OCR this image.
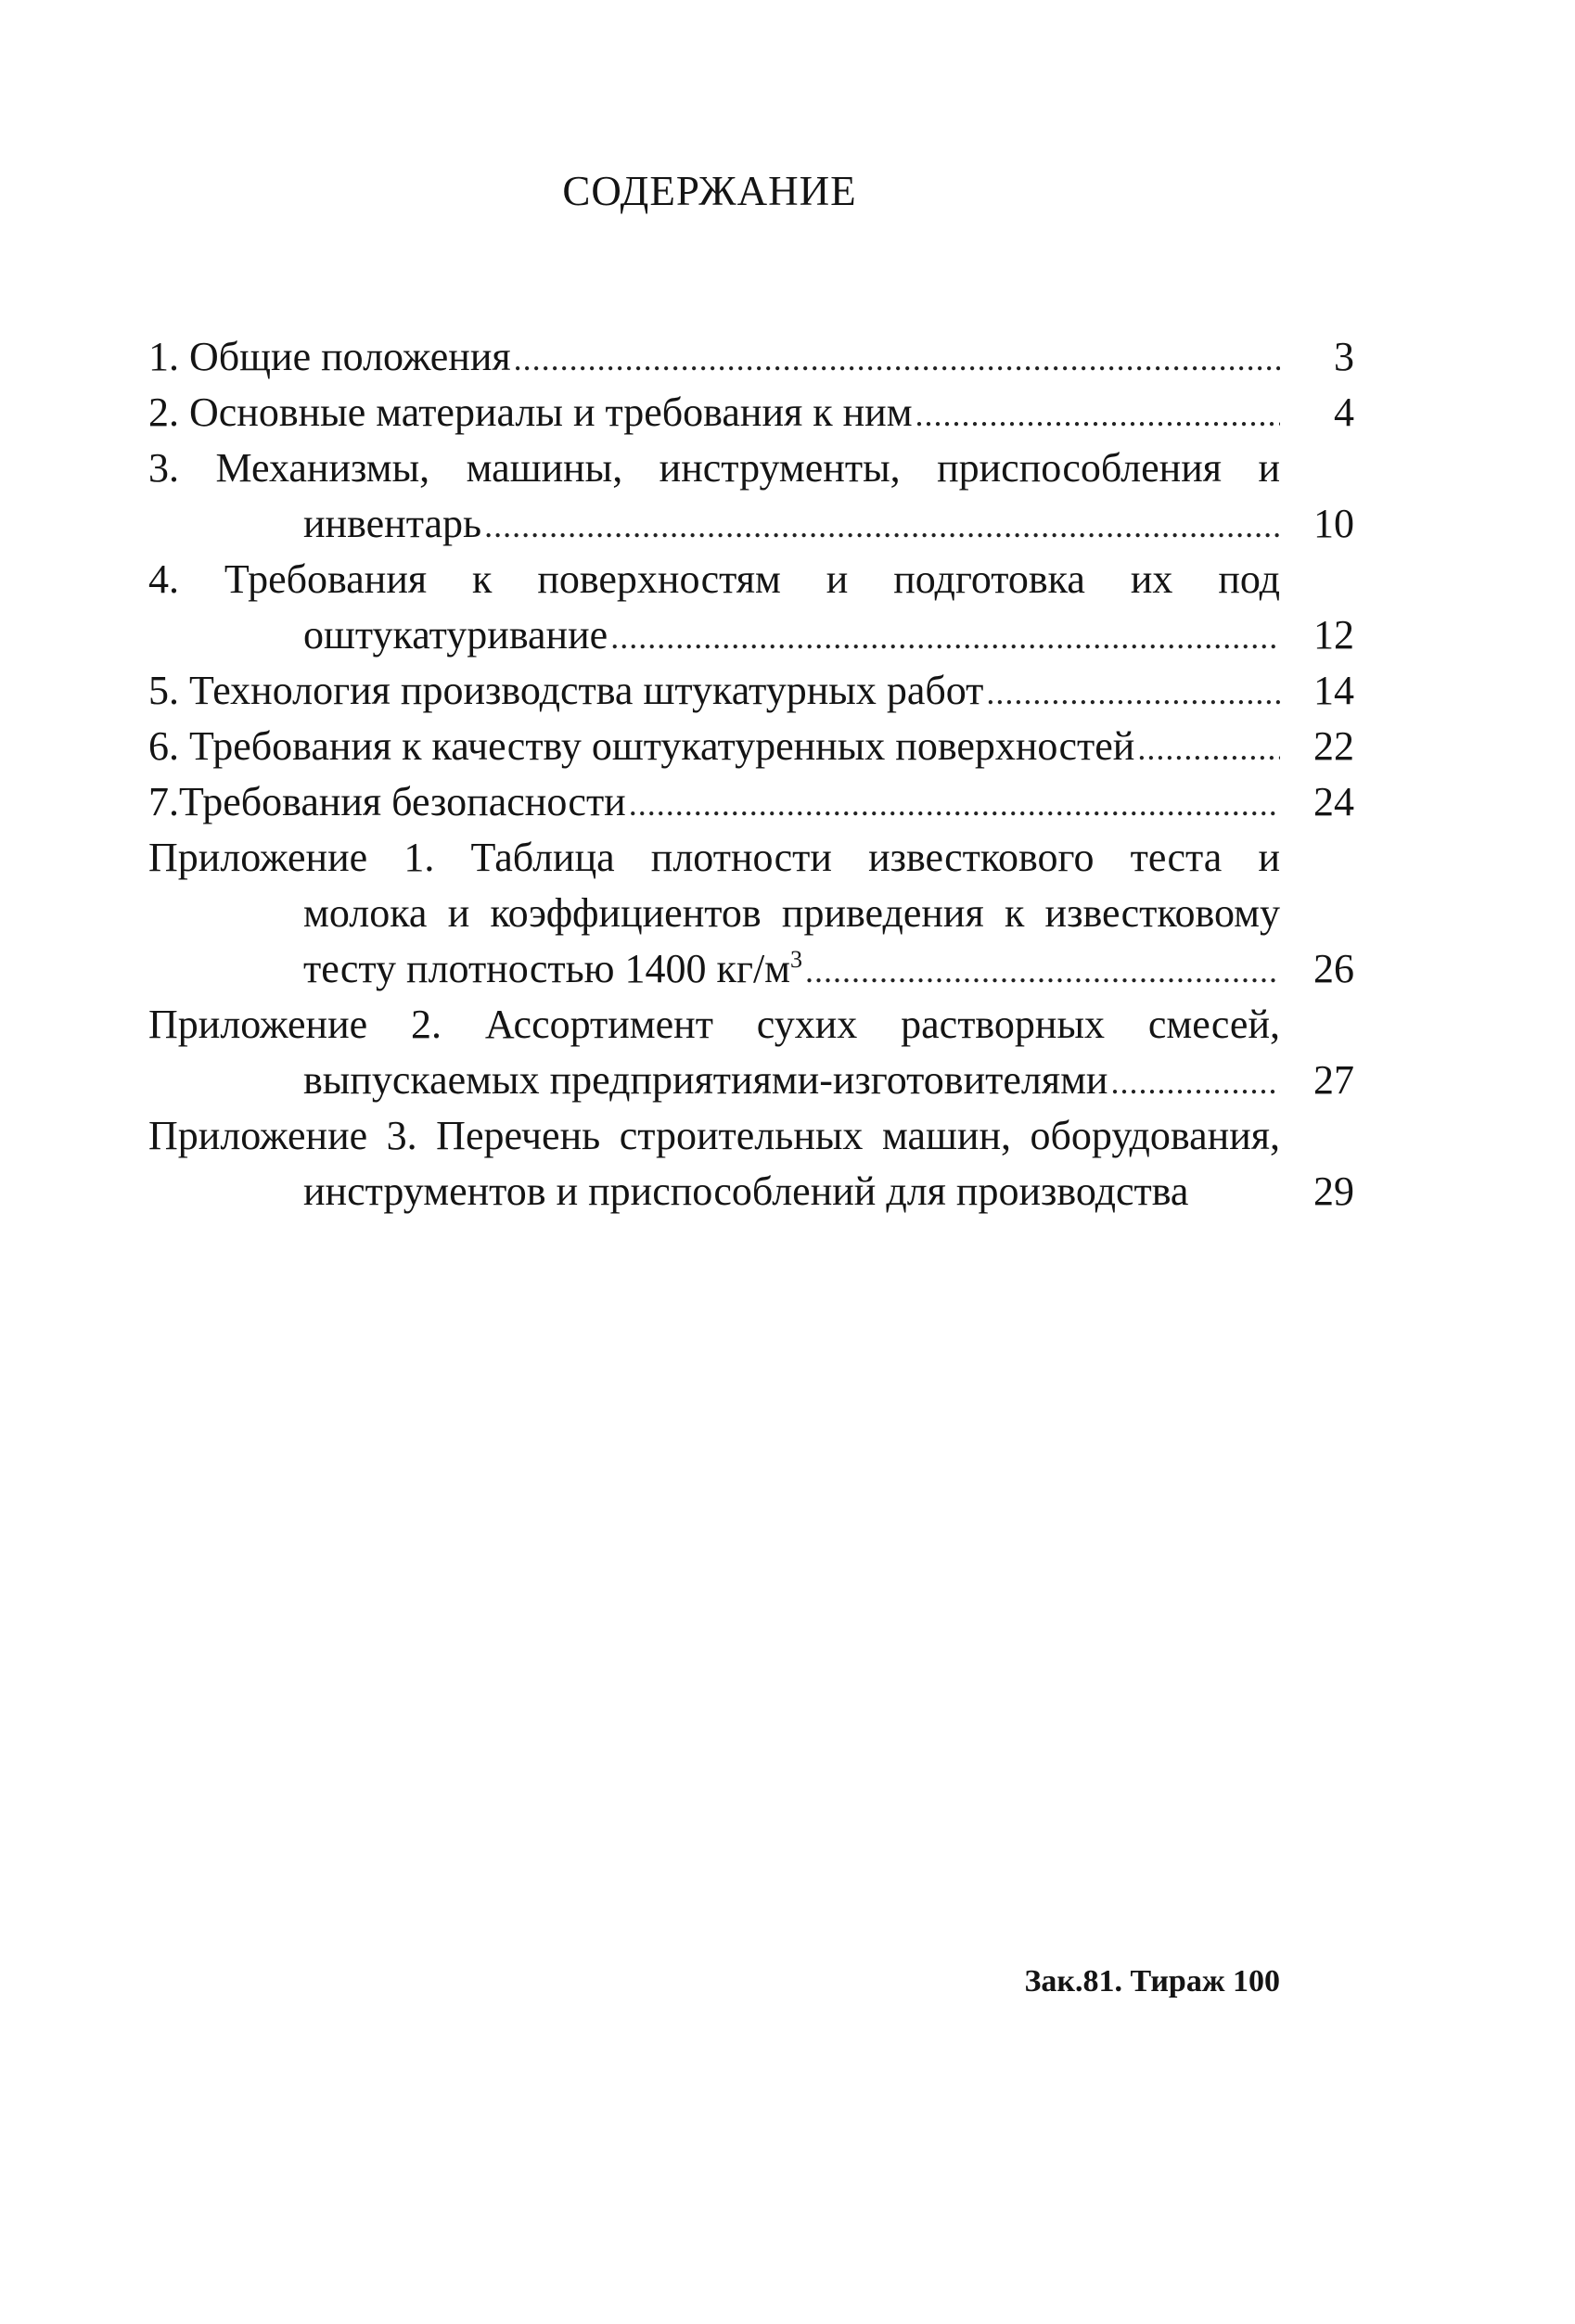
СОДЕРЖАНИЕ
1. Общие положения .....	3
2. Основные материалы и требования к ним .....	4
3. Механизмы, машины, инструменты, приспособления и
инвентарь .....	10
4. Требования к поверхностям и подготовка их под
оштукатуривание .....	12
5. Технология производства штукатурных работ .....	14
6. Требования к качеству оштукатуренных поверхностей .....	22
7.Требования безопасности .....	24
Приложение 1. Таблица плотности известкового теста и
молока и коэффициентов приведения к известковому
тесту плотностью 1400 $кг/м^3$ .....	26
Приложение 2. Ассортимент сухих растворных смесей,
выпускаемых предприятиями-изготовителями .....	27
Приложение 3. Перечень строительных машин, оборудования,
инструментов и приспособлений для производства	29
Зак.81. Тираж 100
